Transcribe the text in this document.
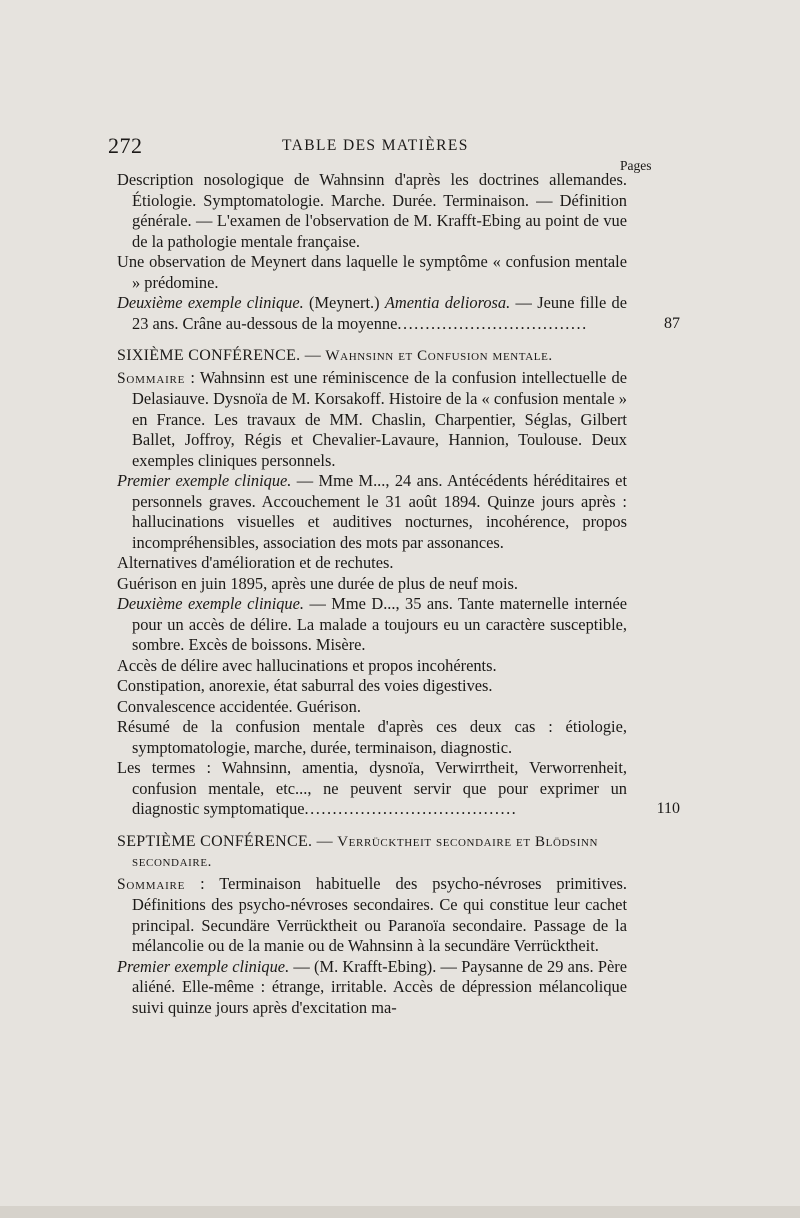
272	TABLE DES MATIÈRES
Pages

Description nosologique de Wahnsinn d'après les doctrines allemandes. Étiologie. Symptomatologie. Marche. Durée. Terminaison. — Définition générale. — L'examen de l'observation de M. Krafft-Ebing au point de vue de la pathologie mentale française.

Une observation de Meynert dans laquelle le symptôme « confusion mentale » prédomine.

Deuxième exemple clinique. (Meynert.) Amentia deliorosa. — Jeune fille de 23 ans. Crâne au-dessous de la moyenne..................................	87

SIXIÈME CONFÉRENCE. — Wahnsinn et Confusion mentale.

Sommaire : Wahnsinn est une réminiscence de la confusion intellectuelle de Delasiauve. Dysnoïa de M. Korsakoff. Histoire de la « confusion mentale » en France. Les travaux de MM. Chaslin, Charpentier, Séglas, Gilbert Ballet, Joffroy, Régis et Chevalier-Lavaure, Hannion, Toulouse. Deux exemples cliniques personnels.

Premier exemple clinique. — Mme M..., 24 ans. Antécédents héréditaires et personnels graves. Accouchement le 31 août 1894. Quinze jours après : hallucinations visuelles et auditives nocturnes, incohérence, propos incompréhensibles, association des mots par assonances.

Alternatives d'amélioration et de rechutes.

Guérison en juin 1895, après une durée de plus de neuf mois.

Deuxième exemple clinique. — Mme D..., 35 ans. Tante maternelle internée pour un accès de délire. La malade a toujours eu un caractère susceptible, sombre. Excès de boissons. Misère.

Accès de délire avec hallucinations et propos incohérents.

Constipation, anorexie, état saburral des voies digestives.

Convalescence accidentée. Guérison.

Résumé de la confusion mentale d'après ces deux cas : étiologie, symptomatologie, marche, durée, terminaison, diagnostic.

Les termes : Wahnsinn, amentia, dysnoïa, Verwirrtheit, Verworrenheit, confusion mentale, etc..., ne peuvent servir que pour exprimer un diagnostic symptomatique......................................	110

SEPTIÈME CONFÉRENCE. — Verrücktheit secondaire et Blödsinn secondaire.

Sommaire : Terminaison habituelle des psycho-névroses primitives. Définitions des psycho-névroses secondaires. Ce qui constitue leur cachet principal. Secundäre Verrücktheit ou Paranoïa secondaire. Passage de la mélancolie ou de la manie ou de Wahnsinn à la secundäre Verrücktheit.

Premier exemple clinique. — (M. Krafft-Ebing). — Paysanne de 29 ans. Père aliéné. Elle-même : étrange, irritable. Accès de dépression mélancolique suivi quinze jours après d'excitation ma-
